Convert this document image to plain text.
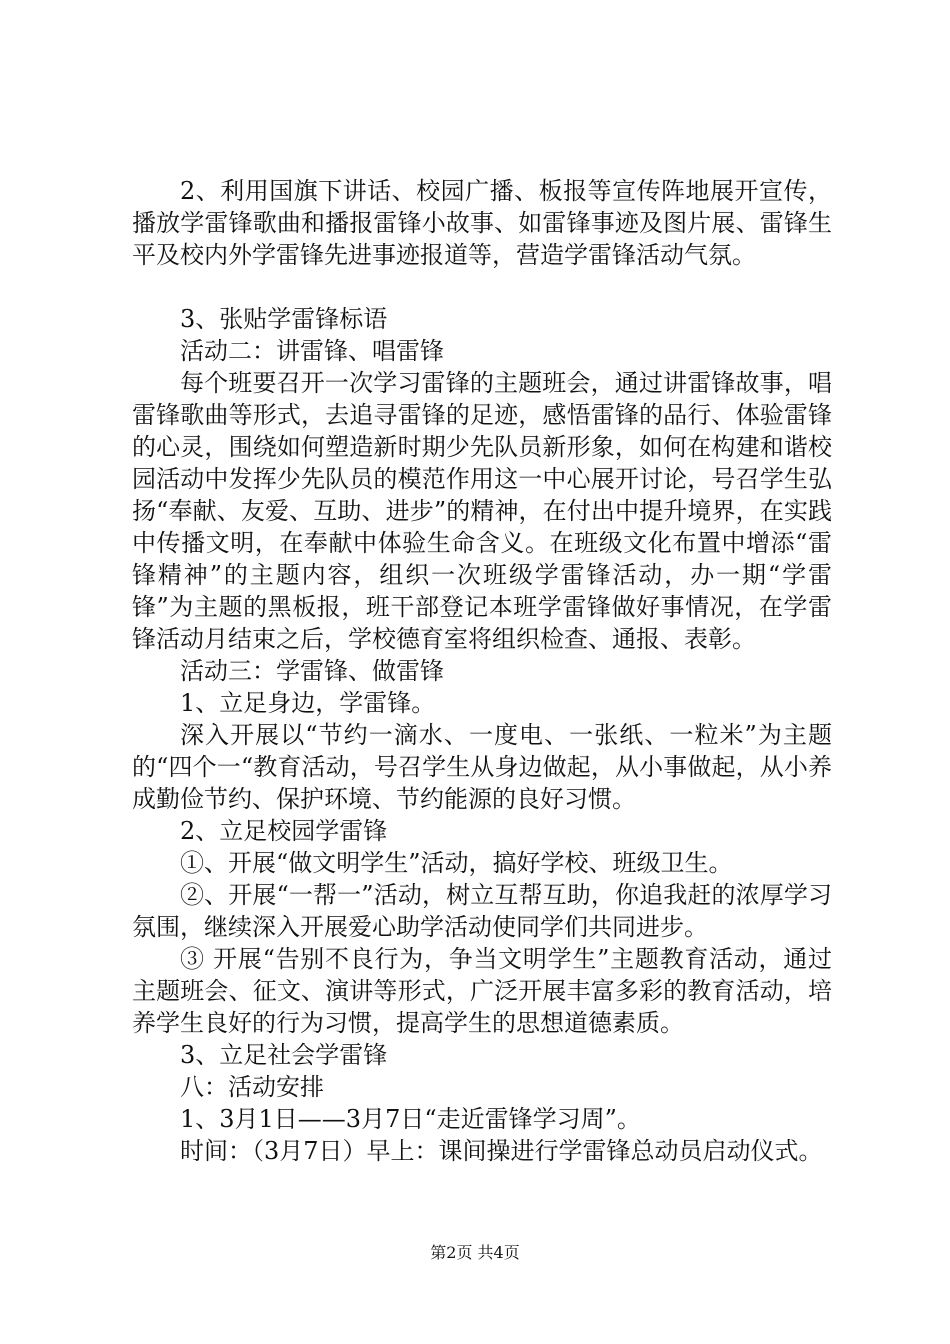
2、利用国旗下讲话、校园广播、板报等宣传阵地展开宣传，播放学雷锋歌曲和播报雷锋小故事、如雷锋事迹及图片展、雷锋生平及校内外学雷锋先进事迹报道等，营造学雷锋活动气氛。

3、张贴学雷锋标语

活动二：讲雷锋、唱雷锋

每个班要召开一次学习雷锋的主题班会，通过讲雷锋故事，唱雷锋歌曲等形式，去追寻雷锋的足迹，感悟雷锋的品行、体验雷锋的心灵，围绕如何塑造新时期少先队员新形象，如何在构建和谐校园活动中发挥少先队员的模范作用这一中心展开讨论，号召学生弘扬“奉献、友爱、互助、进步”的精神，在付出中提升境界，在实践中传播文明，在奉献中体验生命含义。在班级文化布置中增添“雷锋精神”的主题内容，组织一次班级学雷锋活动，办一期“学雷锋”为主题的黑板报，班干部登记本班学雷锋做好事情况，在学雷锋活动月结束之后，学校德育室将组织检查、通报、表彰。

活动三：学雷锋、做雷锋

1、立足身边，学雷锋。

深入开展以“节约一滴水、一度电、一张纸、一粒米”为主题的“四个一“教育活动，号召学生从身边做起，从小事做起，从小养成勤俭节约、保护环境、节约能源的良好习惯。

2、立足校园学雷锋

①、开展“做文明学生”活动，搞好学校、班级卫生。

②、开展“一帮一”活动，树立互帮互助，你追我赶的浓厚学习氛围，继续深入开展爱心助学活动使同学们共同进步。

③ 开展“告别不良行为，争当文明学生”主题教育活动，通过主题班会、征文、演讲等形式，广泛开展丰富多彩的教育活动，培养学生良好的行为习惯，提高学生的思想道德素质。

3、立足社会学雷锋

八：活动安排

1、3月1日——3月7日“走近雷锋学习周”。

时间：（3月7日）早上：课间操进行学雷锋总动员启动仪式。

第2页 共4页
